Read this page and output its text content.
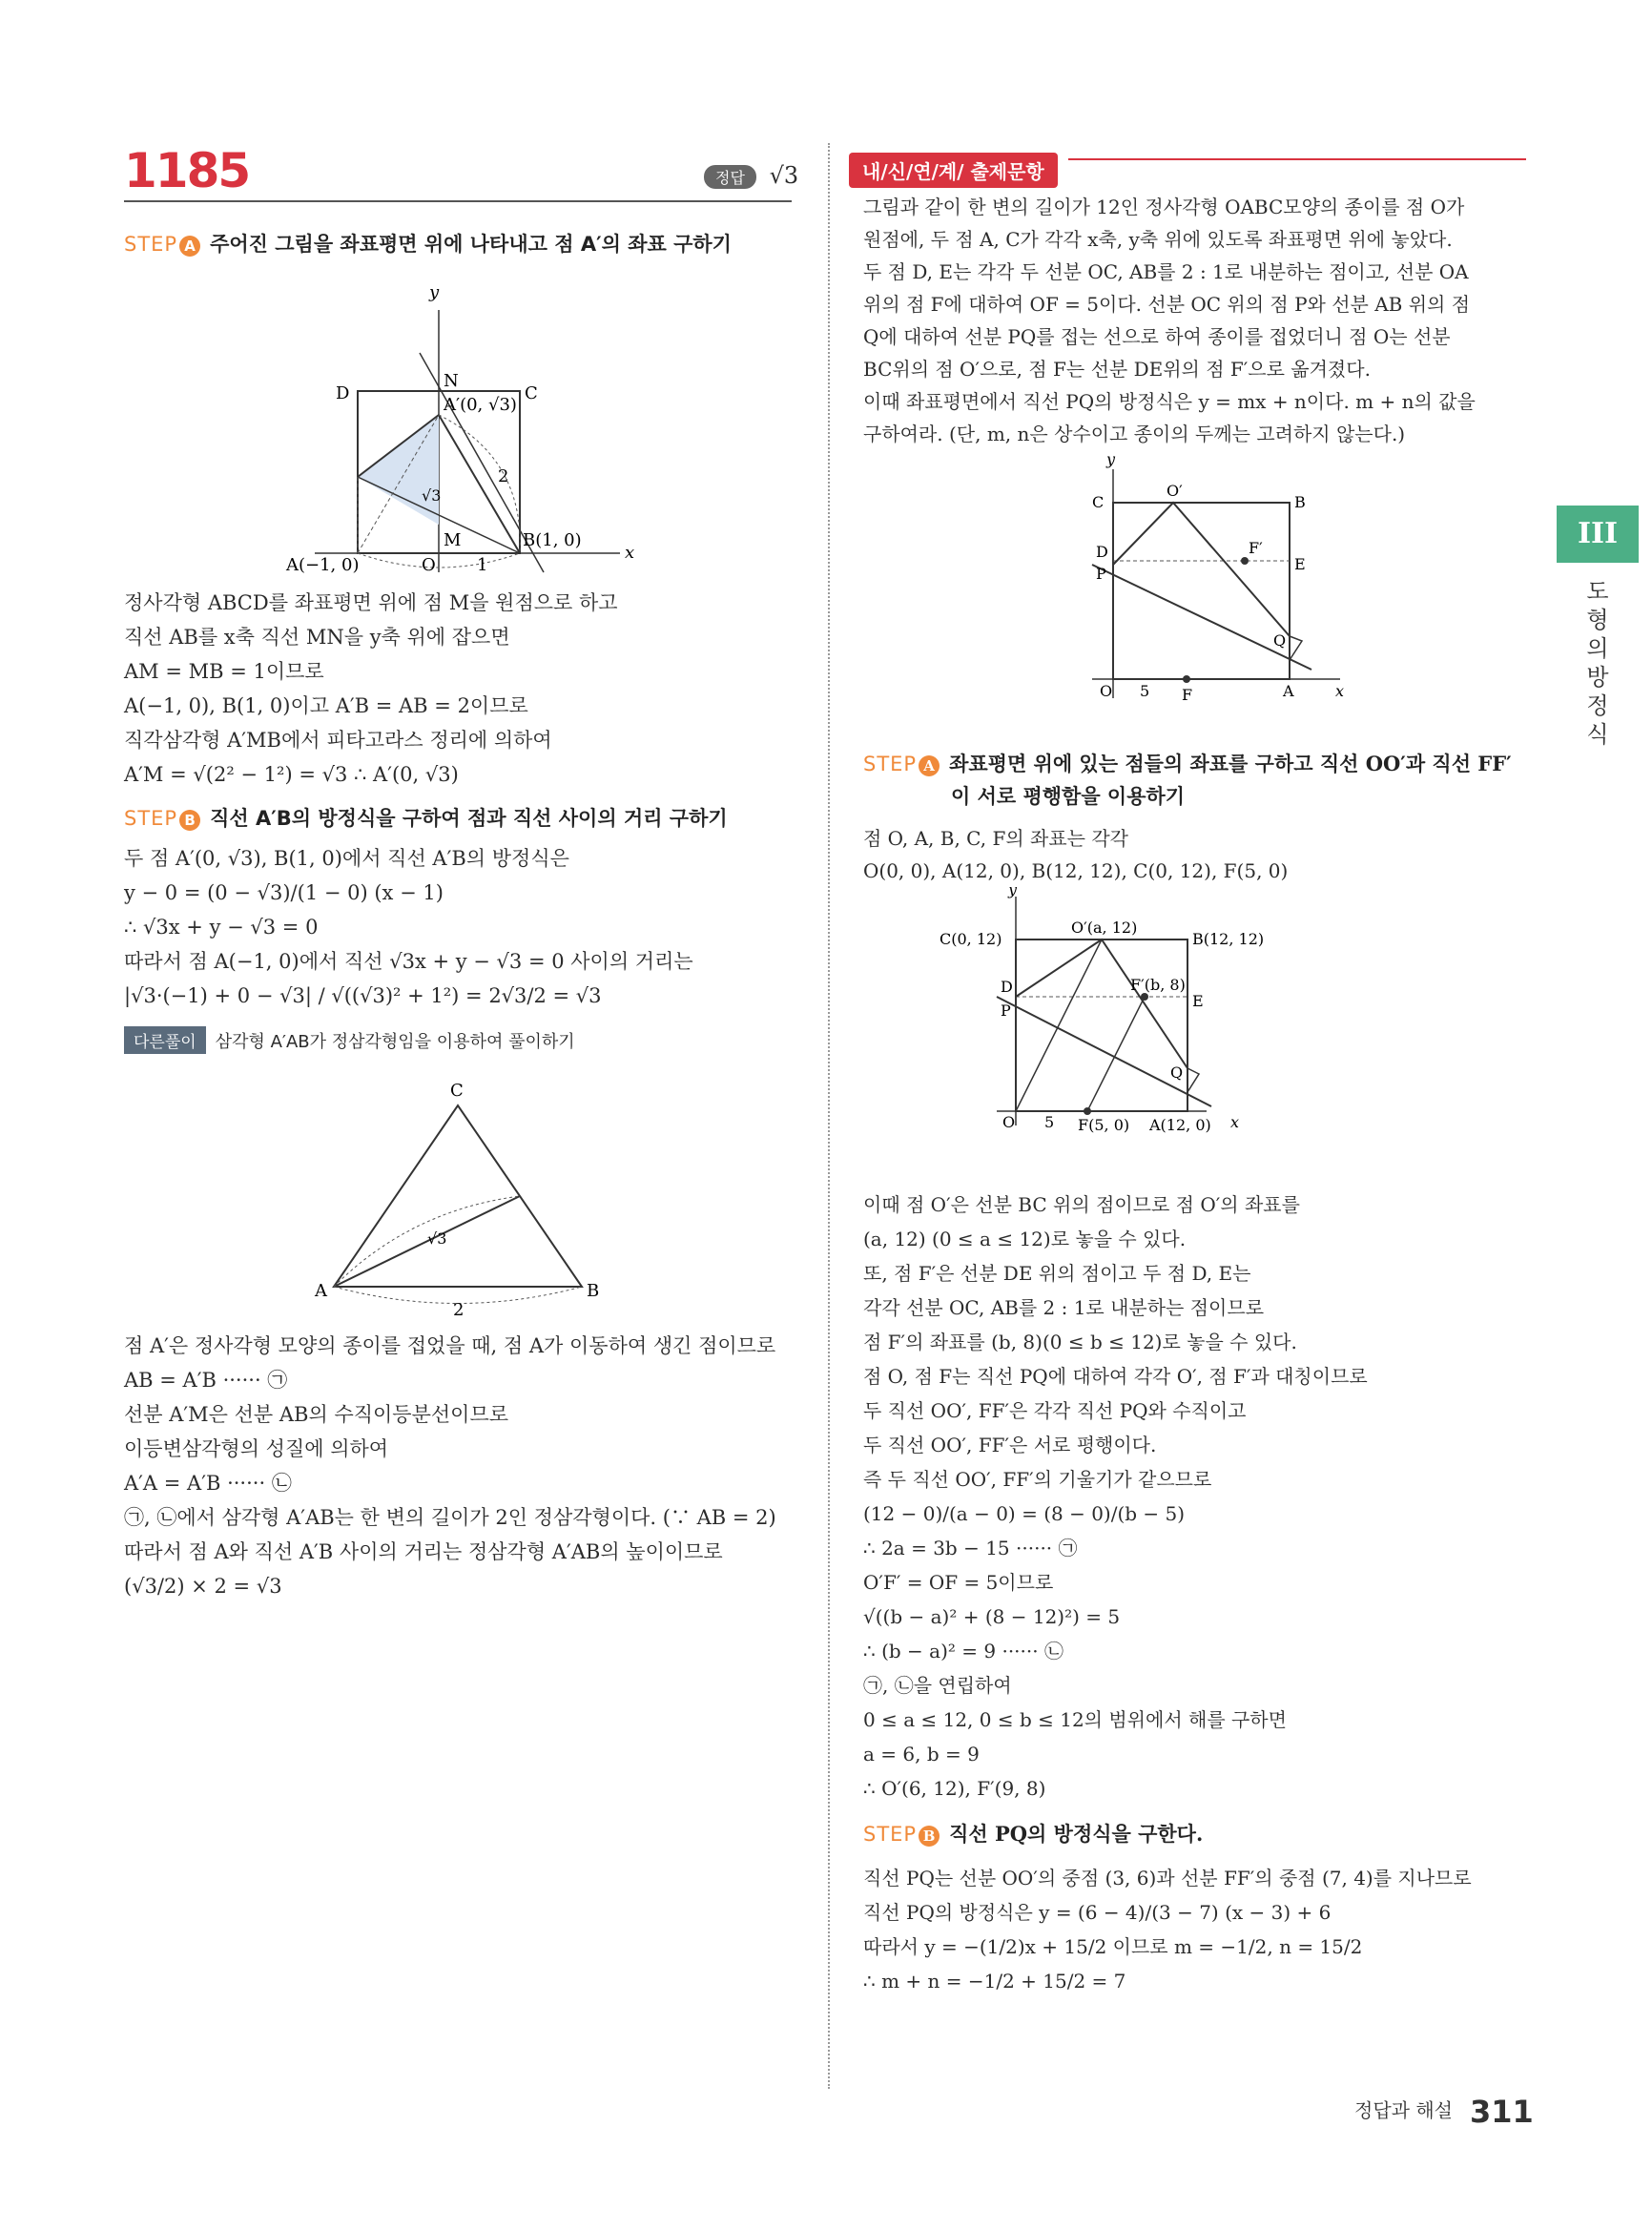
1185	정답 √3
STEP A 주어진 그림을 좌표평면 위에 나타내고 점 A′의 좌표 구하기
y
x
N
C
D
A′(0, √3)
2
√3
M	B(1, 0)
A(−1, 0)	O 1
정사각형 ABCD를 좌표평면 위에 점 M을 원점으로 하고
직선 AB를 x축 직선 MN을 y축 위에 잡으면
AM = MB = 1이므로
A(−1, 0), B(1, 0)이고 A′B = AB = 2이므로
직각삼각형 A′MB에서 피타고라스 정리에 의하여
A′M = √(2² − 1²) = √3 ∴ A′(0, √3)
STEP B 직선 A′B의 방정식을 구하여 점과 직선 사이의 거리 구하기
두 점 A′(0, √3), B(1, 0)에서 직선 A′B의 방정식은
y − 0 = (0 − √3)/(1 − 0) (x − 1)
∴ √3x + y − √3 = 0
따라서 점 A(−1, 0)에서 직선 √3x + y − √3 = 0 사이의 거리는
|√3·(−1) + 0 − √3| / √((√3)² + 1²) = 2√3/2 = √3
다른풀이 삼각형 A′AB가 정삼각형임을 이용하여 풀이하기
C
A	B
√3
2
점 A′은 정사각형 모양의 종이를 접었을 때, 점 A가 이동하여 생긴 점이므로
AB = A′B ······ ㉠
선분 A′M은 선분 AB의 수직이등분선이므로
이등변삼각형의 성질에 의하여
A′A = A′B ······ ㉡
㉠, ㉡에서 삼각형 A′AB는 한 변의 길이가 2인 정삼각형이다. (∵ AB = 2)
따라서 점 A와 직선 A′B 사이의 거리는 정삼각형 A′AB의 높이이므로
(√3/2) × 2 = √3
내/신/연/계/ 출제문항
그림과 같이 한 변의 길이가 12인 정사각형 OABC모양의 종이를 점 O가
원점에, 두 점 A, C가 각각 x축, y축 위에 있도록 좌표평면 위에 놓았다.
두 점 D, E는 각각 두 선분 OC, AB를 2 : 1로 내분하는 점이고, 선분 OA
위의 점 F에 대하여 OF = 5이다. 선분 OC 위의 점 P와 선분 AB 위의 점
Q에 대하여 선분 PQ를 접는 선으로 하여 종이를 접었더니 점 O는 선분
BC위의 점 O′으로, 점 F는 선분 DE위의 점 F′으로 옮겨졌다.
이때 좌표평면에서 직선 PQ의 방정식은 y = mx + n이다. m + n의 값을
구하여라. (단, m, n은 상수이고 종이의 두께는 고려하지 않는다.)
y
C
O′
B
D	F′
E
P
Q
O 5 F	A	x
STEP A 좌표평면 위에 있는 점들의 좌표를 구하고 직선 OO′과 직선 FF′
이 서로 평행함을 이용하기
점 O, A, B, C, F의 좌표는 각각
O(0, 0), A(12, 0), B(12, 12), C(0, 12), F(5, 0)
y
C(0, 12)
O′(a, 12)
B(12, 12)
D	F′(b, 8)
E
P
Q
O 5 F(5, 0) A(12, 0) x
이때 점 O′은 선분 BC 위의 점이므로 점 O′의 좌표를
(a, 12) (0 ≤ a ≤ 12)로 놓을 수 있다.
또, 점 F′은 선분 DE 위의 점이고 두 점 D, E는
각각 선분 OC, AB를 2 : 1로 내분하는 점이므로
점 F′의 좌표를 (b, 8)(0 ≤ b ≤ 12)로 놓을 수 있다.
점 O, 점 F는 직선 PQ에 대하여 각각 O′, 점 F′과 대칭이므로
두 직선 OO′, FF′은 각각 직선 PQ와 수직이고
두 직선 OO′, FF′은 서로 평행이다.
즉 두 직선 OO′, FF′의 기울기가 같으므로
(12 − 0)/(a − 0) = (8 − 0)/(b − 5)
∴ 2a = 3b − 15 ······ ㉠
O′F′ = OF = 5이므로
√((b − a)² + (8 − 12)²) = 5
∴ (b − a)² = 9 ······ ㉡
㉠, ㉡을 연립하여
0 ≤ a ≤ 12, 0 ≤ b ≤ 12의 범위에서 해를 구하면
a = 6, b = 9
∴ O′(6, 12), F′(9, 8)
STEP B 직선 PQ의 방정식을 구한다.
직선 PQ는 선분 OO′의 중점 (3, 6)과 선분 FF′의 중점 (7, 4)를 지나므로
직선 PQ의 방정식은 y = (6 − 4)/(3 − 7) (x − 3) + 6
따라서 y = −(1/2)x + 15/2 이므로 m = −1/2, n = 15/2
∴ m + n = −1/2 + 15/2 = 7
III
도형의 방정식
정답과 해설 311
